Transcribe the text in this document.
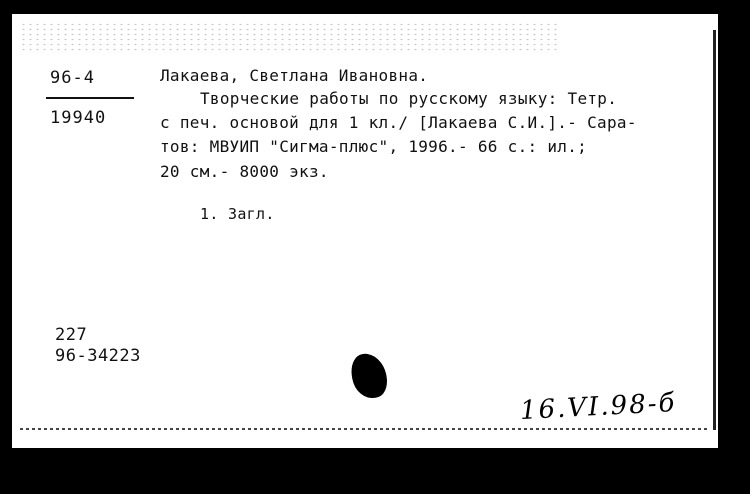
96-4
19940
Лакаева, Светлана Ивановна.
Творческие работы по русскому языку: Тетр.
с печ. основой для 1 кл./ [Лакаева С.И.].- Сара-
тов: МВУИП "Сигма-плюс", 1996.- 66 с.: ил.;
20 см.- 8000 экз.
1. Загл.
227
96-34223
16.VI.98-б
